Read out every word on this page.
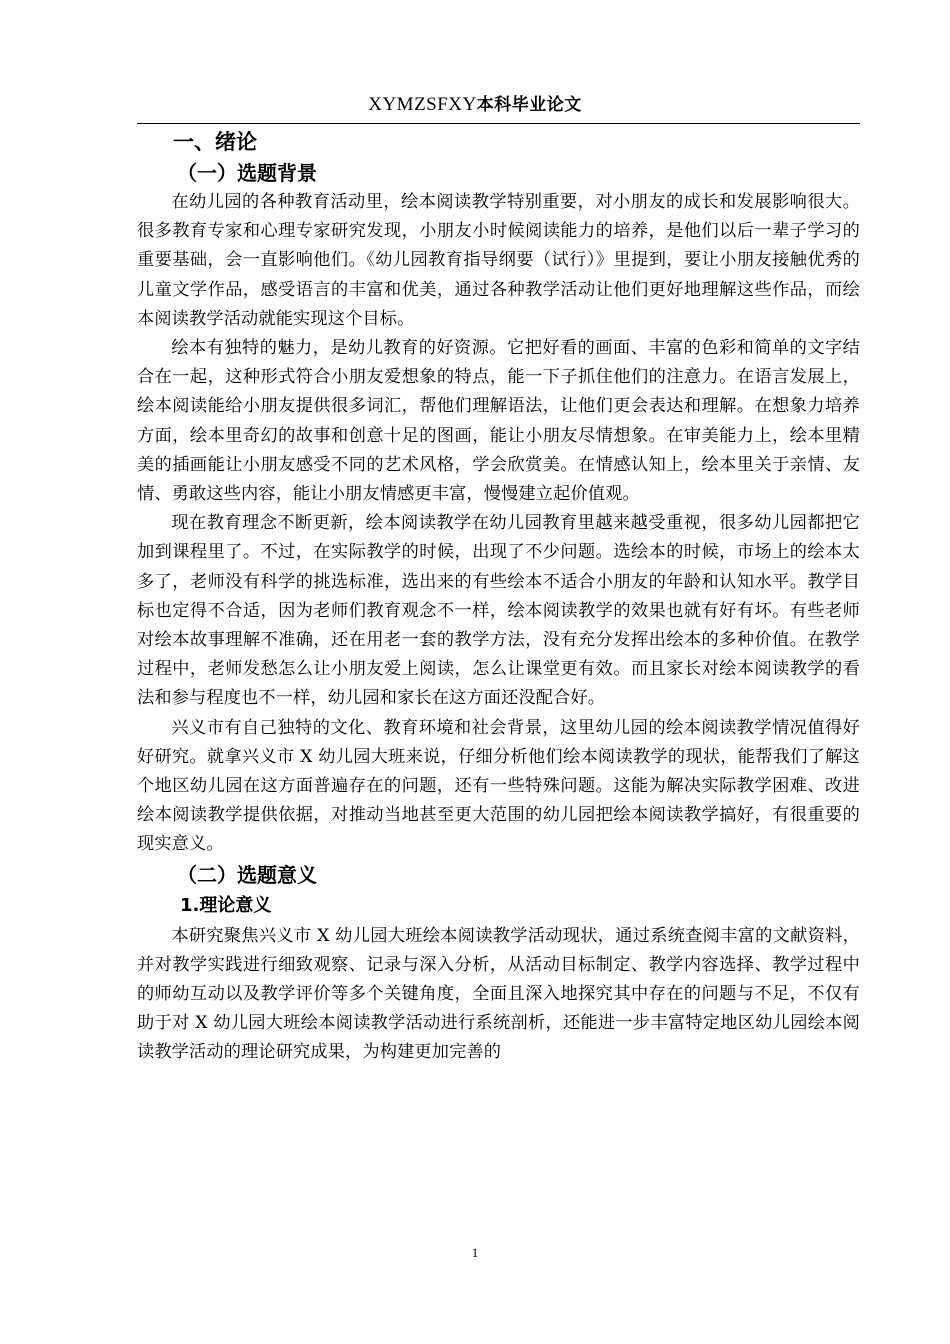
XYMZSFXY本科毕业论文
一、绪论
（一）选题背景

在幼儿园的各种教育活动里，绘本阅读教学特别重要，对小朋友的成长和发展影响很大。很多教育专家和心理专家研究发现，小朋友小时候阅读能力的培养，是他们以后一辈子学习的重要基础，会一直影响他们。《幼儿园教育指导纲要（试行）》里提到，要让小朋友接触优秀的儿童文学作品，感受语言的丰富和优美，通过各种教学活动让他们更好地理解这些作品，而绘本阅读教学活动就能实现这个目标。

绘本有独特的魅力，是幼儿教育的好资源。它把好看的画面、丰富的色彩和简单的文字结合在一起，这种形式符合小朋友爱想象的特点，能一下子抓住他们的注意力。在语言发展上，绘本阅读能给小朋友提供很多词汇，帮他们理解语法，让他们更会表达和理解。在想象力培养方面，绘本里奇幻的故事和创意十足的图画，能让小朋友尽情想象。在审美能力上，绘本里精美的插画能让小朋友感受不同的艺术风格，学会欣赏美。在情感认知上，绘本里关于亲情、友情、勇敢这些内容，能让小朋友情感更丰富，慢慢建立起价值观。

现在教育理念不断更新，绘本阅读教学在幼儿园教育里越来越受重视，很多幼儿园都把它加到课程里了。不过，在实际教学的时候，出现了不少问题。选绘本的时候，市场上的绘本太多了，老师没有科学的挑选标准，选出来的有些绘本不适合小朋友的年龄和认知水平。教学目标也定得不合适，因为老师们教育观念不一样，绘本阅读教学的效果也就有好有坏。有些老师对绘本故事理解不准确，还在用老一套的教学方法，没有充分发挥出绘本的多种价值。在教学过程中，老师发愁怎么让小朋友爱上阅读，怎么让课堂更有效。而且家长对绘本阅读教学的看法和参与程度也不一样，幼儿园和家长在这方面还没配合好。

兴义市有自己独特的文化、教育环境和社会背景，这里幼儿园的绘本阅读教学情况值得好好研究。就拿兴义市 X 幼儿园大班来说，仔细分析他们绘本阅读教学的现状，能帮我们了解这个地区幼儿园在这方面普遍存在的问题，还有一些特殊问题。这能为解决实际教学困难、改进绘本阅读教学提供依据，对推动当地甚至更大范围的幼儿园把绘本阅读教学搞好，有很重要的现实意义。

（二）选题意义
1.理论意义

本研究聚焦兴义市 X 幼儿园大班绘本阅读教学活动现状，通过系统查阅丰富的文献资料，并对教学实践进行细致观察、记录与深入分析，从活动目标制定、教学内容选择、教学过程中的师幼互动以及教学评价等多个关键角度，全面且深入地探究其中存在的问题与不足，不仅有助于对 X 幼儿园大班绘本阅读教学活动进行系统剖析，还能进一步丰富特定地区幼儿园绘本阅读教学活动的理论研究成果，为构建更加完善的

1
